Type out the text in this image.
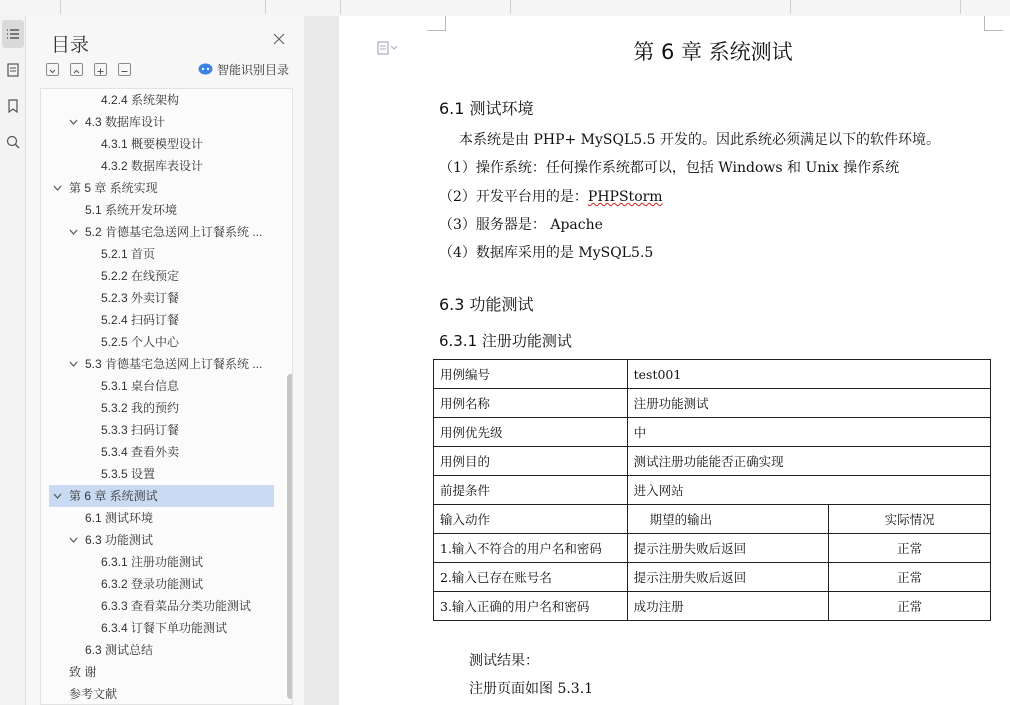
目录
智能识别目录
4.2.4 系统架构
4.3 数据库设计
4.3.1 概要模型设计
4.3.2 数据库表设计
第 5 章 系统实现
5.1 系统开发环境
5.2 肯德基宅急送网上订餐系统 ...
5.2.1 首页
5.2.2 在线预定
5.2.3 外卖订餐
5.2.4 扫码订餐
5.2.5 个人中心
5.3 肯德基宅急送网上订餐系统 ...
5.3.1 桌台信息
5.3.2 我的预约
5.3.3 扫码订餐
5.3.4 查看外卖
5.3.5 设置
第 6 章 系统测试
6.1 测试环境
6.3 功能测试
6.3.1 注册功能测试
6.3.2 登录功能测试
6.3.3 查看菜品分类功能测试
6.3.4 订餐下单功能测试
6.3 测试总结
致 谢
参考文献
第 6 章 系统测试
6.1 测试环境
本系统是由 PHP+ MySQL5.5 开发的。因此系统必须满足以下的软件环境。
（1）操作系统：任何操作系统都可以，包括 Windows 和 Unix 操作系统
（2）开发平台用的是：PHPStorm
（3）服务器是： Apache
（4）数据库采用的是 MySQL5.5
6.3 功能测试
6.3.1 注册功能测试
用例编号	test001	
用例名称	注册功能测试	
用例优先级	中	
用例目的	测试注册功能能否正确实现	
前提条件	进入网站	
输入动作	期望的输出	实际情况
1.输入不符合的用户名和密码	提示注册失败后返回	正常
2.输入已存在账号名	提示注册失败后返回	正常
3.输入正确的用户名和密码	成功注册	正常
测试结果：
注册页面如图 5.3.1
